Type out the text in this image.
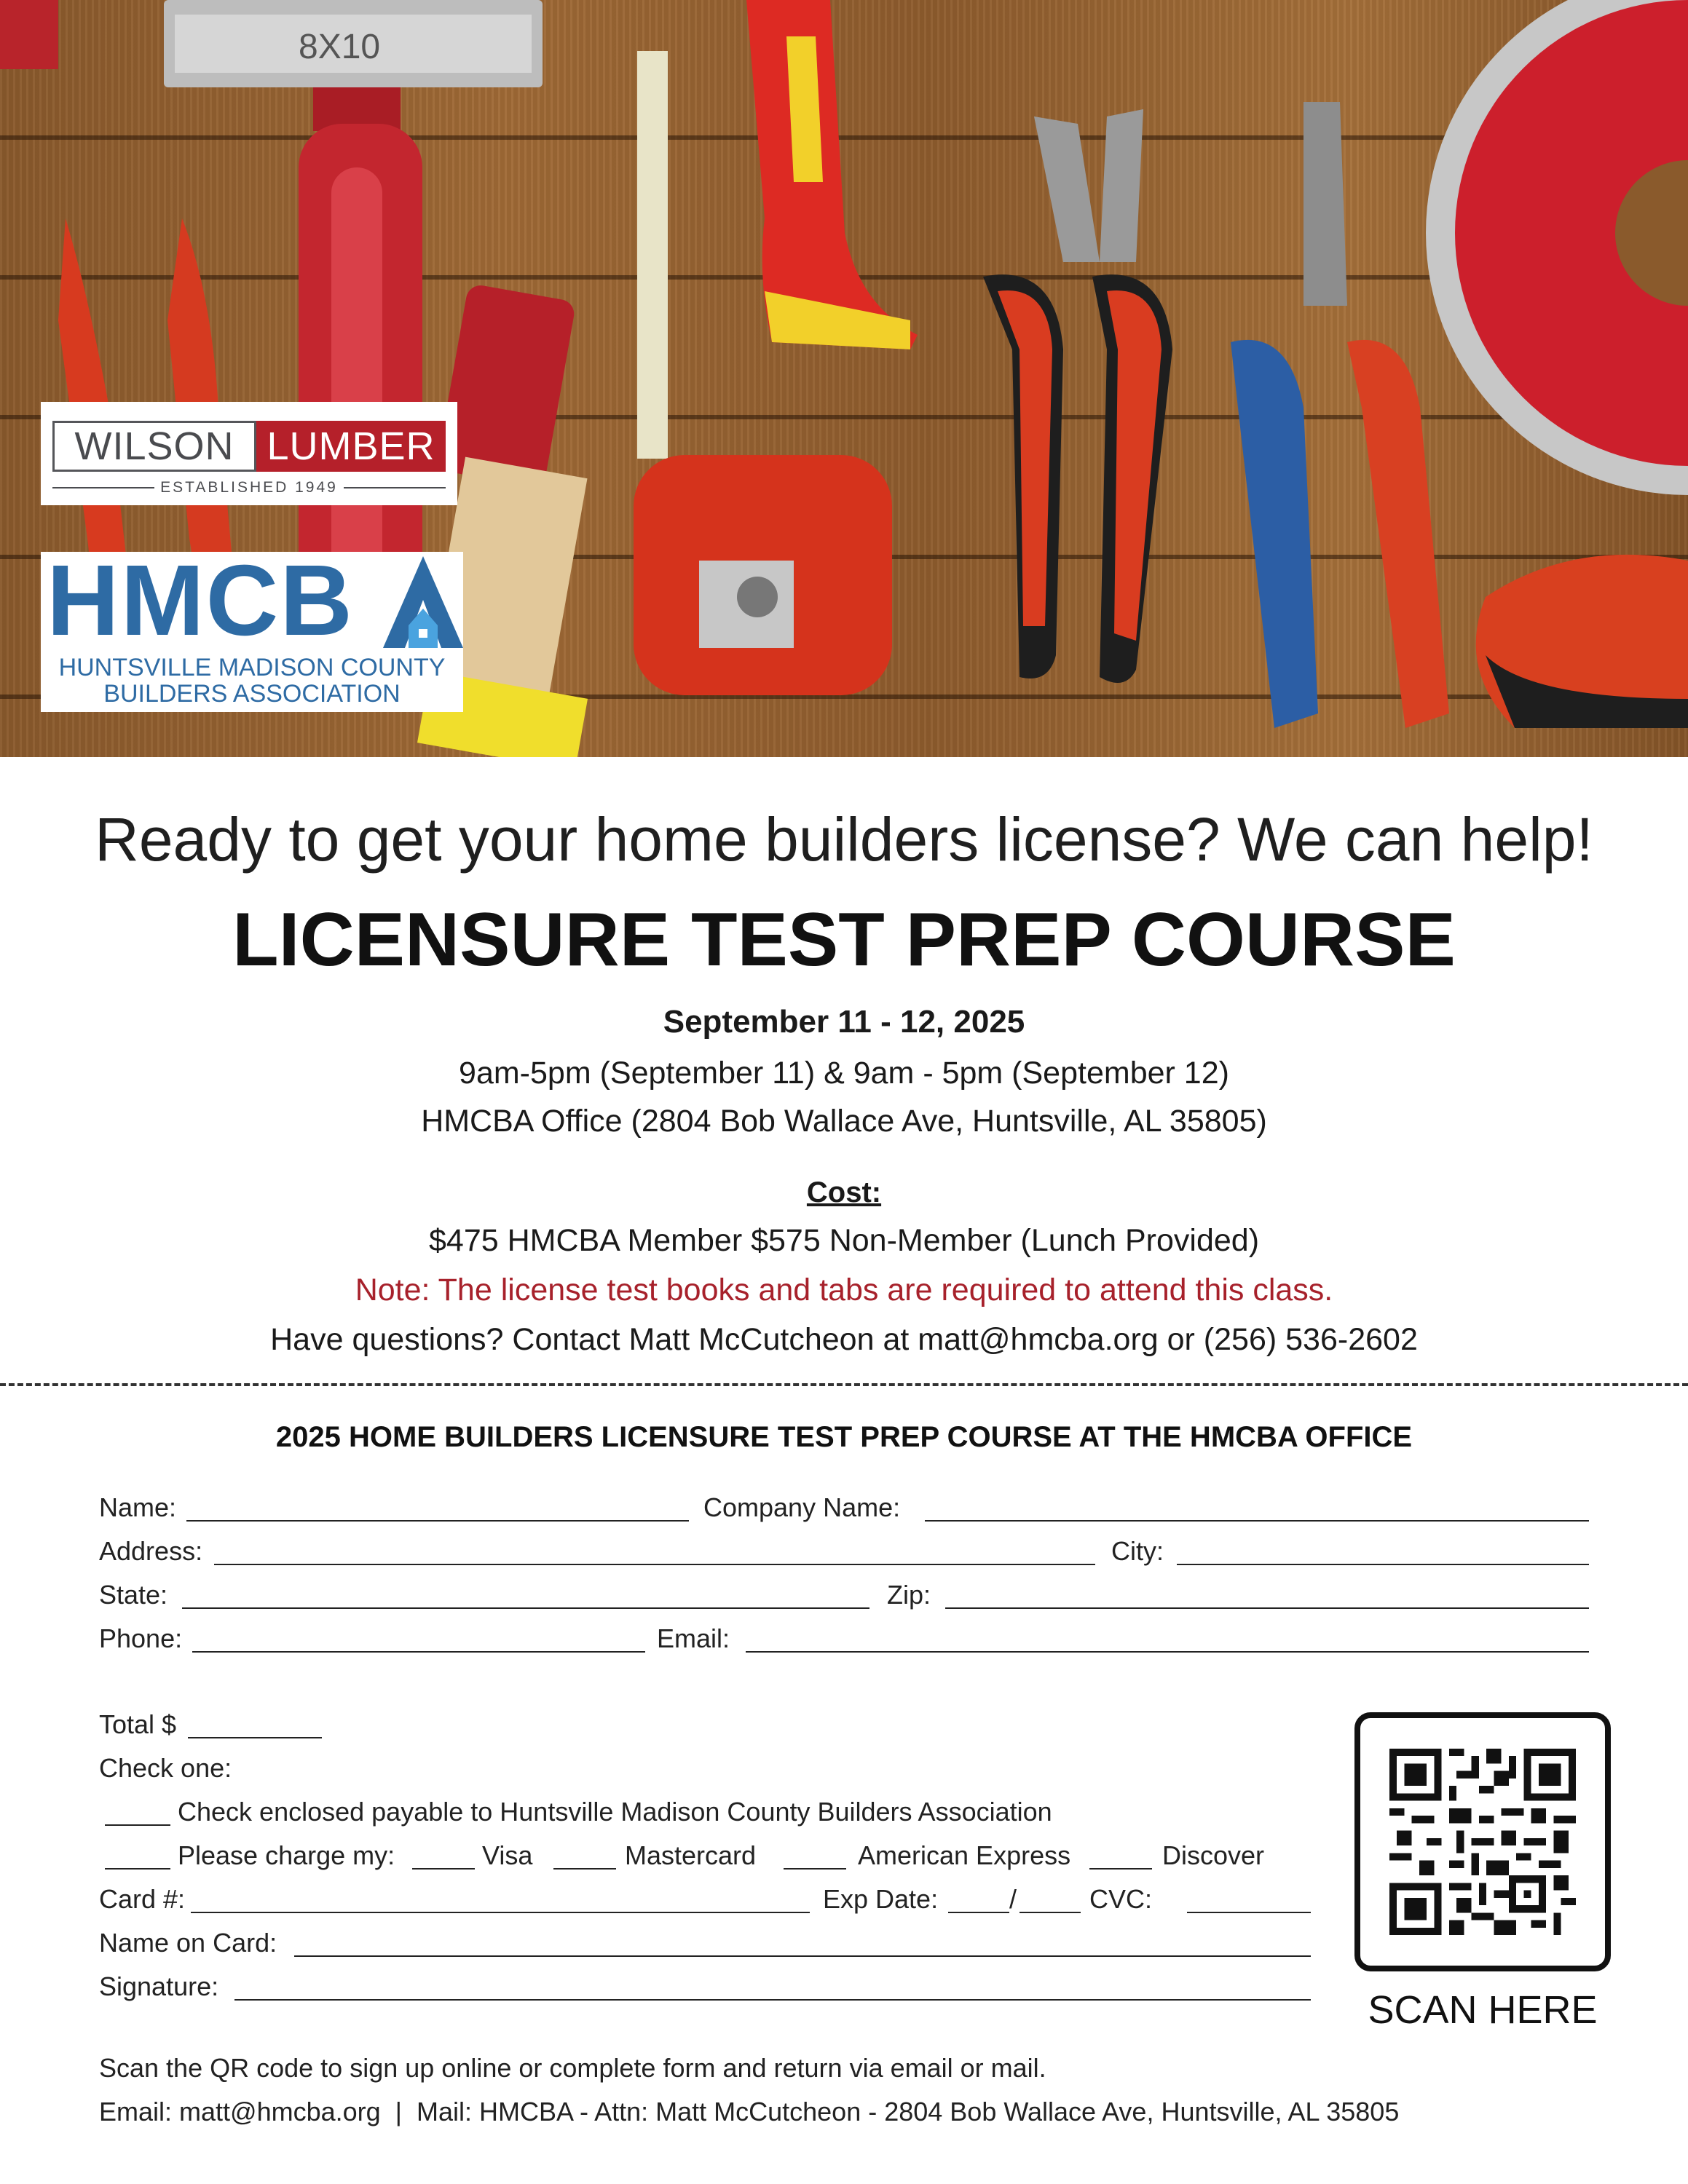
8X10
WILSON LUMBER
ESTABLISHED 1949
HMCB
HUNTSVILLE MADISON COUNTY
BUILDERS ASSOCIATION
Ready to get your home builders license? We can help!
LICENSURE TEST PREP COURSE
September 11 - 12, 2025
9am-5pm (September 11) & 9am - 5pm (September 12)
HMCBA Office (2804 Bob Wallace Ave, Huntsville, AL 35805)
Cost:
$475 HMCBA Member $575 Non-Member (Lunch Provided)
Note: The license test books and tabs are required to attend this class.
Have questions? Contact Matt McCutcheon at matt@hmcba.org or (256) 536-2602
2025 HOME BUILDERS LICENSURE TEST PREP COURSE AT THE HMCBA OFFICE
Name:	Company Name:
Address:	City:
State:	Zip:
Phone:	Email:
Total $
Check one:
Check enclosed payable to Huntsville Madison County Builders Association
Please charge my:	Visa	Mastercard	American Express	Discover
Card #:	Exp Date:	/	CVC:
Name on Card:
Signature:
SCAN HERE
Scan the QR code to sign up online or complete form and return via email or mail.
Email: matt@hmcba.org  |  Mail: HMCBA - Attn: Matt McCutcheon - 2804 Bob Wallace Ave, Huntsville, AL 35805
